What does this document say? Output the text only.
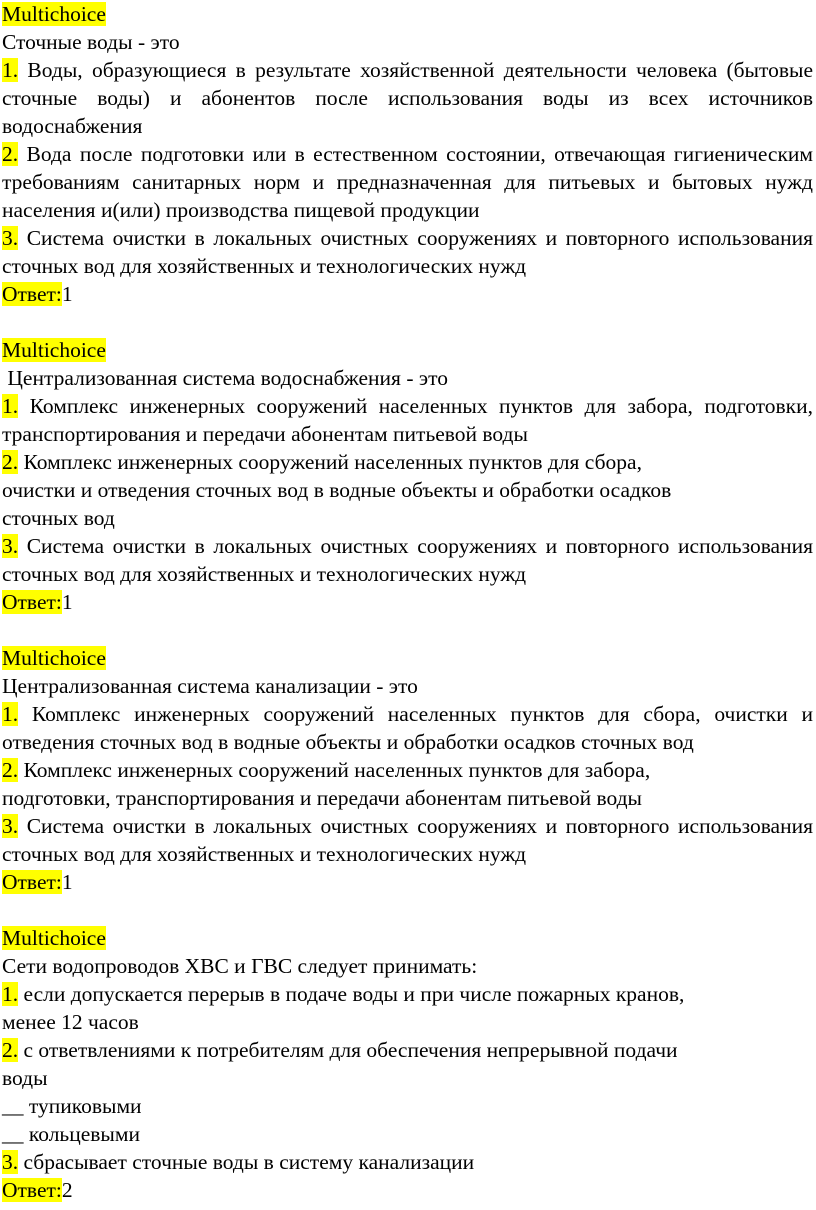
Multichoice
Сточные воды - это
1. Воды, образующиеся в результате хозяйственной деятельности человека (бытовые сточные воды) и абонентов после использования воды из всех источников водоснабжения
2. Вода после подготовки или в естественном состоянии, отвечающая гигиеническим требованиям санитарных норм и предназначенная для питьевых и бытовых нужд населения и(или) производства пищевой продукции
3. Система очистки в локальных очистных сооружениях и повторного использования сточных вод для хозяйственных и технологических нужд
Ответ:1
Multichoice
Централизованная система водоснабжения - это
1. Комплекс инженерных сооружений населенных пунктов для забора, подготовки, транспортирования и передачи абонентам питьевой воды
2. Комплекс инженерных сооружений населенных пунктов для сбора,
очистки и отведения сточных вод в водные объекты и обработки осадков
сточных вод
3. Система очистки в локальных очистных сооружениях и повторного использования сточных вод для хозяйственных и технологических нужд
Ответ:1
Multichoice
Централизованная система канализации - это
1. Комплекс инженерных сооружений населенных пунктов для сбора, очистки и отведения сточных вод в водные объекты и обработки осадков сточных вод
2. Комплекс инженерных сооружений населенных пунктов для забора,
подготовки, транспортирования и передачи абонентам питьевой воды
3. Система очистки в локальных очистных сооружениях и повторного использования сточных вод для хозяйственных и технологических нужд
Ответ:1
Multichoice
Сети водопроводов ХВС и ГВС следует принимать:
1. если допускается перерыв в подаче воды и при числе пожарных кранов,
менее 12 часов
2. с ответвлениями к потребителям для обеспечения непрерывной подачи
воды
__ тупиковыми
__ кольцевыми
3. сбрасывает сточные воды в систему канализации
Ответ:2
